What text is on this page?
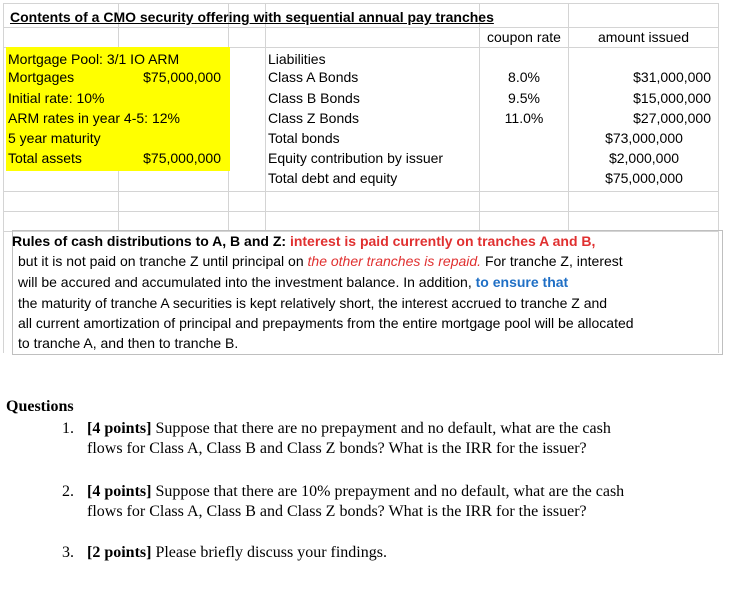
Contents of a CMO security offering with sequential annual pay tranches
coupon rate	amount issued
Mortgage Pool: 3/1 IO ARM
Mortgages	$75,000,000
Initial rate: 10%
ARM rates in year 4-5: 12%
5 year maturity
Total assets	$75,000,000
Liabilities
Class A Bonds	8.0%	$31,000,000
Class B Bonds	9.5%	$15,000,000
Class Z Bonds	11.0%	$27,000,000
Total bonds	$73,000,000
Equity contribution by issuer	$2,000,000
Total debt and equity	$75,000,000

Rules of cash distributions to A, B and Z: interest is paid currently on tranches A and B,

but it is not paid on tranche Z until principal on the other tranches is repaid. For tranche Z, interest

will be accured and accumulated into the investment balance. In addition, to ensure that

the maturity of tranche A securities is kept relatively short, the interest accrued to tranche Z and

all current amortization of principal and prepayments from the entire mortgage pool will be allocated

to tranche A, and then to tranche B.

Questions
1. [4 points] Suppose that there are no prepayment and no default, what are the cash
flows for Class A, Class B and Class Z bonds? What is the IRR for the issuer?
2. [4 points] Suppose that there are 10% prepayment and no default, what are the cash
flows for Class A, Class B and Class Z bonds? What is the IRR for the issuer?
3. [2 points] Please briefly discuss your findings.
